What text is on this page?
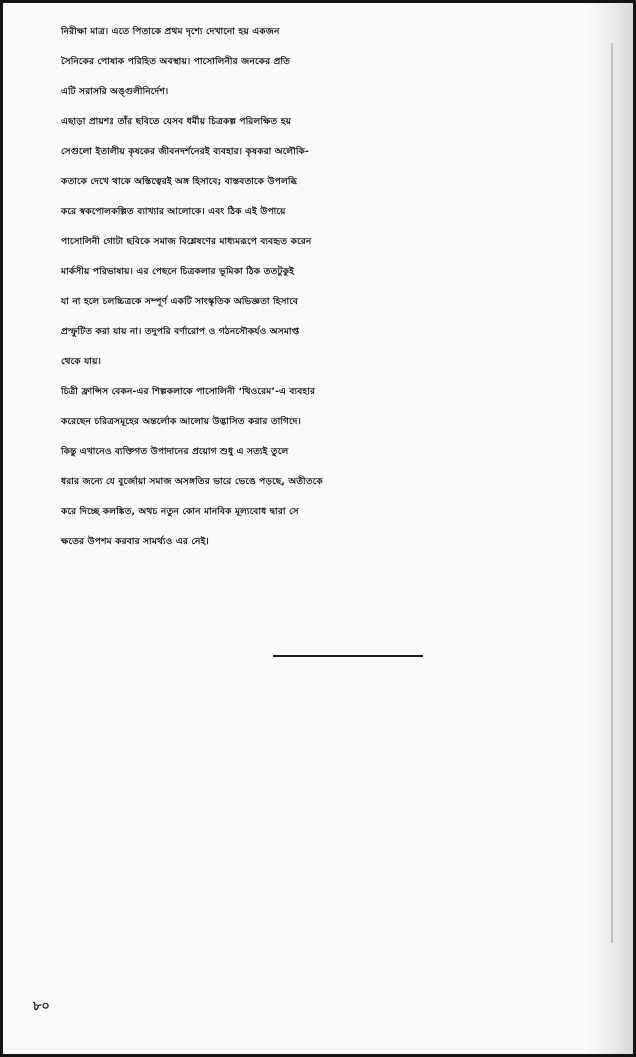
নিরীক্ষা মাত্র। এতে পিতাকে প্রথম দৃশ্যে দেখানো হয় একজন
সৈনিকের পোষাক পরিহিত অবস্থায়। পাসোলিনীর জনকের প্রতি
এটি সরাসরি অঙ্গুলীনির্দেশ।
এছাড়া প্রায়শঃ তাঁর ছবিতে যেসব ধর্মীয় চিত্রকল্প পরিলক্ষিত হয়
সেগুলো ইতালীয় কৃষকের জীবনদর্শনেরই ব্যবহার। কৃষকরা অলৌকি-
কতাকে দেখে থাকে অস্তিত্বেরই অঙ্গ হিসাবে; বাস্তবতাকে উপলব্ধি
করে স্বকপোলকল্পিত ব্যাখ্যার আলোকে। এবং ঠিক এই উপায়ে
পাসোলিনী গোটা ছবিকে সমাজ বিশ্লেষণের মাধ্যমরূপে ব্যবহৃত করেন
মার্কসীয় পরিভাষায়। এর পেছনে চিত্রকলার ভূমিকা ঠিক ততটুকুই
যা না হলে চলচ্চিত্রকে সম্পূর্ণ একটি সাংস্কৃতিক অভিজ্ঞতা হিসাবে
প্রস্ফুটিত করা যায় না। তদুপরি বর্ণারোপ ও গঠনসৌকর্যও অসমাপ্ত
থেকে যায়।
চিত্রী ফ্রান্সিস বেকন-এর শিল্পকলাকে পাসোলিনী ‘থিওরেম’-এ ব্যবহার
করেছেন চরিত্রসমূহের অন্তর্লোক আলোয় উদ্ভাসিত করার তাগিদে।
কিন্তু এখানেও ব্যক্তিগত উপাদানের প্রয়োগ শুধু এ সত্যই তুলে
ধরার জন্যে যে বুর্জোয়া সমাজ অসঙ্গতির ভারে ভেঙে পড়ছে, অতীতকে
করে দিচ্ছে কলঙ্কিত, অথচ নতুন কোন মানবিক মূল্যবোধ দ্বারা সে
ক্ষতের উপশম করবার সামর্থ্যও এর নেই।
৮০
